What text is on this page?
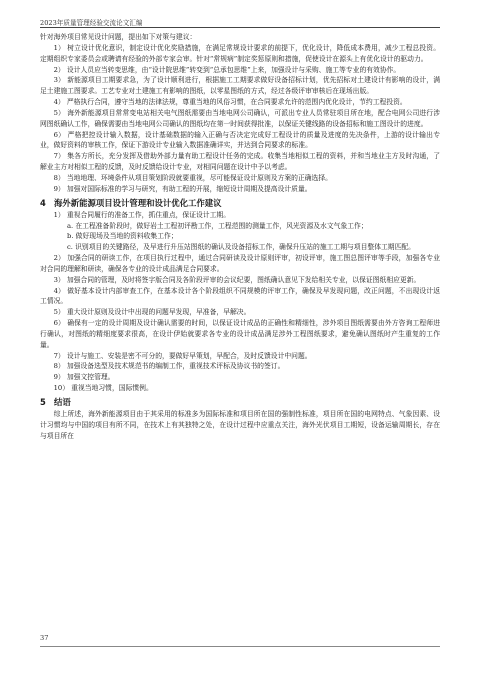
2023年质量管理经验交流论文汇编

针对海外项目常见设计问题，提出如下对策与建议：

1） 树立设计优化意识，制定设计优化奖励措施，在满足常规设计要求的前提下，优化设计，降低成本费用，减少工程总投资。定期组织专家委员会或聘请有经验的外部专家会审。针对“常规病”制定奖惩原则和措施，促使设计在源头上有优化设计的驱动力。

2） 设计人员应当转变思维，由“设计院思维”转变到“总承包思维”上来，加强设计与采购、施工等专业的有效协作。

3） 新能源项目工期要求急，为了设计顺利进行，根据施工工期要求做好设备招标计划，优先招标对土建设计有影响的设计，满足土建施工图要求。工艺专业对土建施工有影响的图纸，以零星图纸的方式，经过各级评审审核后在现场出版。

4） 严格执行合同，遵守当地的法律法规，尊重当地的风俗习惯，在合同要求允许的范围内优化设计，节约工程投资。

5） 海外新能源项目常常变电站相关电气图纸需要由当地电网公司确认，可派出专业人员常驻项目所在地，配合电网公司进行涉网图纸确认工作，确保需要由当地电网公司确认的图纸均在第一时间获得批准，以保证关键线路的设备招标和施工图设计的进度。

6） 严格把控设计输入数据，设计基础数据的输入正确与否决定完成好工程设计的质量及进度的先决条件，上游的设计输出专业，做好资料的审核工作，保证下游设计专业输入数据准确详实，并达到合同要求的标准。

7） 集各方所长，充分发挥及借助外部力量有助工程设计任务的完成。收集当地相似工程的资料，并和当地业主方及时沟通，了解业主方对相似工程的反馈，及时反馈给设计专业，对相同问题在设计中予以考虑。

8） 当地地理、环境条件从项目策划阶段就要重视，尽可能保证设计原则及方案的正确选择。

9） 加强对国际标准的学习与研究，有助工程的开展，缩短设计周期及提高设计质量。

4 海外新能源项目设计管理和设计优化工作建议

1） 重视合同履行的准备工作，抓住重点，保证设计工期。

a. 在工程准备阶段时，做好岩土工程初评勘工作，工程范围的测量工作，风光资源及水文气象工作；

b. 做好现场及当地的资料收集工作；

c. 识别项目的关键路径，及早进行升压站图纸的确认及设备招标工作，确保升压站的施工工期与项目整体工期匹配。

2） 加强合同的研读工作，在项目执行过程中，通过合同研读及设计原则评审，初设评审，施工图总图评审等手段，加强各专业对合同的理解和研读，确保各专业的设计成品满足合同要求。

3） 加强合同的管理，及时将签字版合同及各阶段评审的会议纪要，图纸确认意见下发给相关专业，以保证图纸相应更新。

4） 做好基本设计内部审查工作，在基本设计各个阶段组织不同规模的评审工作，确保及早发现问题，改正问题，不出现设计返工情况。

5） 重大设计原则及设计中出现的问题早发现，早准备，早解决。

6） 确保有一定的设计周期及设计确认需要的时间，以保证设计成品的正确性和精细性，涉外项目图纸需要由外方咨询工程师进行确认，对图纸的精细度要求很高，在设计伊始就要求各专业的设计成品满足涉外工程图纸要求，避免确认图纸时产生重复的工作量。

7） 设计与施工、安装是密不可分的，要做好早策划，早配合，及时反馈设计中问题。

8） 加强设备选型及技术规范书的编制工作，重视技术评标及协议书的签订。

9） 加强文控管理。

10） 重视当地习惯，国际惯例。

5 结语

综上所述，海外新能源项目由于其采用的标准多为国际标准和项目所在国的强制性标准，项目所在国的电网特点、气象因素、设计习惯均与中国的项目有所不同，在技术上有其独特之处，在设计过程中应重点关注，海外光伏项目工期短，设备运输周期长，存在与项目所在

37
